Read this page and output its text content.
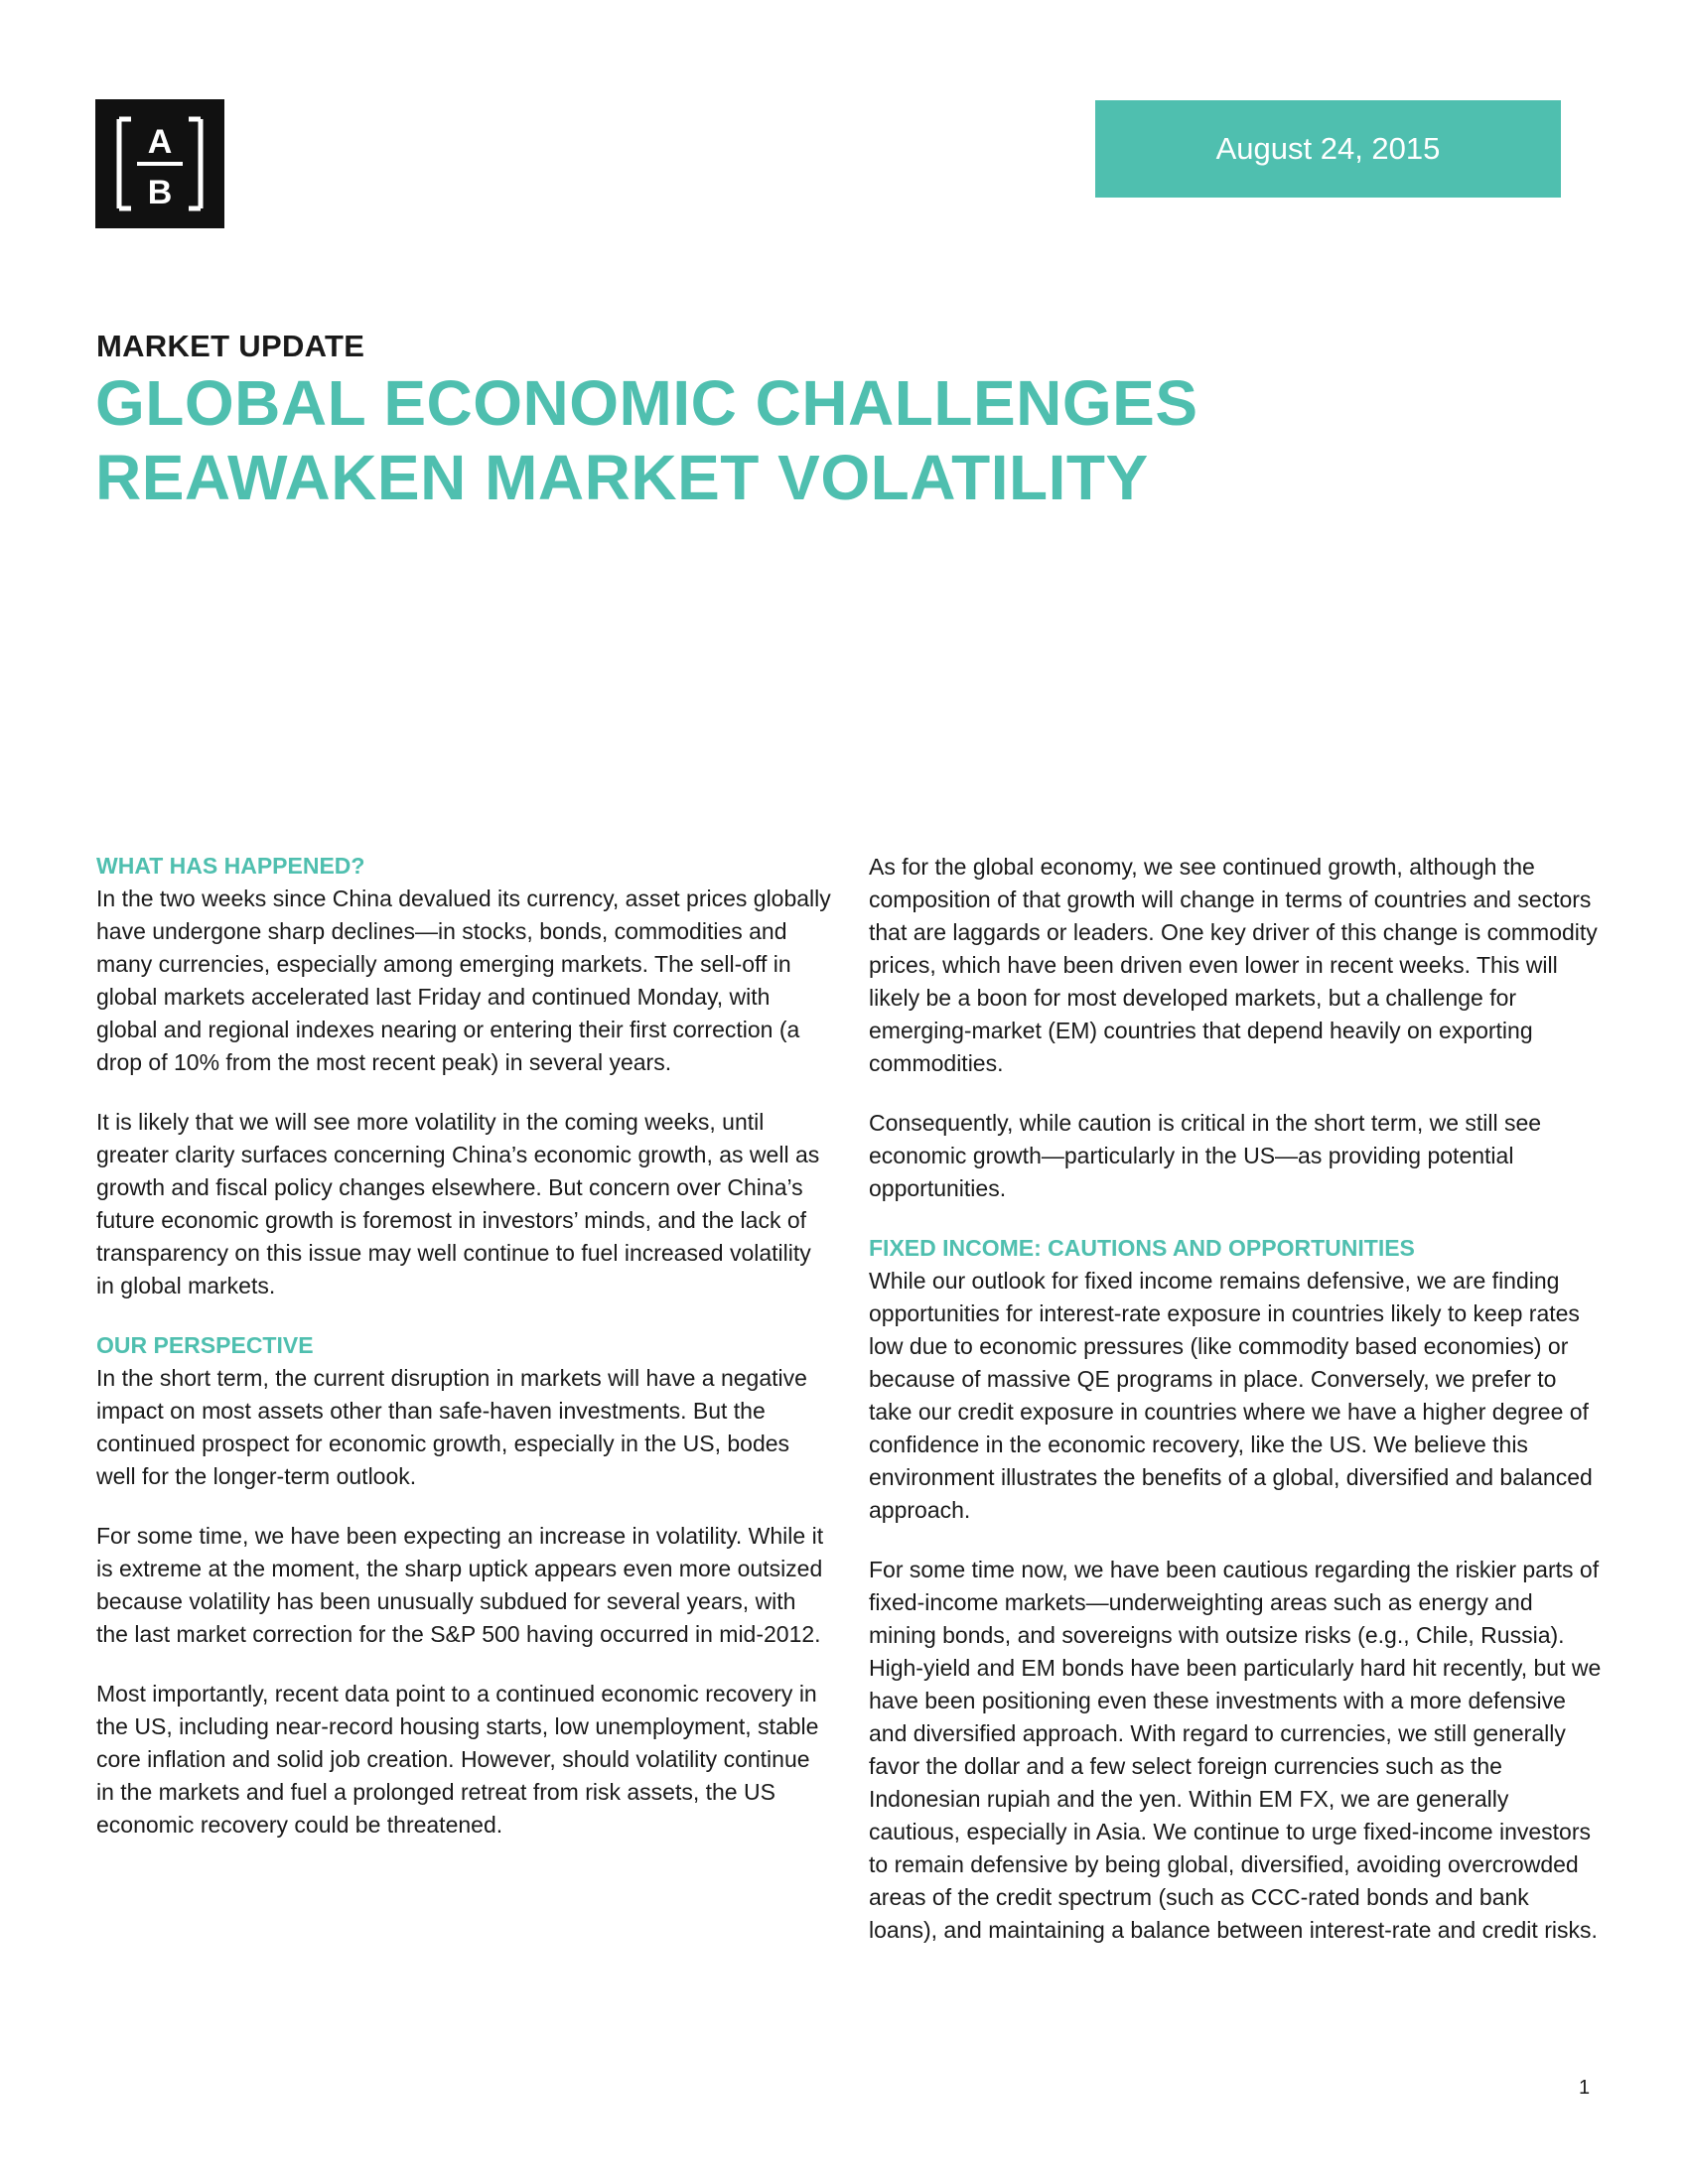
A
B
August 24, 2015
MARKET UPDATE
GLOBAL ECONOMIC CHALLENGES
REAWAKEN MARKET VOLATILITY
WHAT HAS HAPPENED?

In the two weeks since China devalued its currency, asset prices globally have undergone sharp declines—in stocks, bonds, commodities and many currencies, especially among emerging markets. The sell-off in global markets accelerated last Friday and continued Monday, with global and regional indexes nearing or entering their first correction (a drop of 10% from the most recent peak) in several years.

It is likely that we will see more volatility in the coming weeks, until greater clarity surfaces concerning China’s economic growth, as well as growth and fiscal policy changes elsewhere. But concern over China’s future economic growth is foremost in investors’ minds, and the lack of transparency on this issue may well continue to fuel increased volatility in global markets.

OUR PERSPECTIVE

In the short term, the current disruption in markets will have a negative impact on most assets other than safe-haven investments. But the continued prospect for economic growth, especially in the US, bodes well for the longer-term outlook.

For some time, we have been expecting an increase in volatility. While it is extreme at the moment, the sharp uptick appears even more outsized because volatility has been unusually subdued for several years, with the last market correction for the S&P 500 having occurred in mid-2012.

Most importantly, recent data point to a continued economic recovery in the US, including near-record housing starts, low unemployment, stable core inflation and solid job creation. However, should volatility continue in the markets and fuel a prolonged retreat from risk assets, the US economic recovery could be threatened.

As for the global economy, we see continued growth, although the composition of that growth will change in terms of countries and sectors that are laggards or leaders. One key driver of this change is commodity prices, which have been driven even lower in recent weeks. This will likely be a boon for most developed markets, but a challenge for emerging-market (EM) countries that depend heavily on exporting commodities.

Consequently, while caution is critical in the short term, we still see economic growth—particularly in the US—as providing potential opportunities.

FIXED INCOME: CAUTIONS AND OPPORTUNITIES

While our outlook for fixed income remains defensive, we are finding opportunities for interest-rate exposure in countries likely to keep rates low due to economic pressures (like commodity based economies) or because of massive QE programs in place. Conversely, we prefer to take our credit exposure in countries where we have a higher degree of confidence in the economic recovery, like the US. We believe this environment illustrates the benefits of a global, diversified and balanced approach.

For some time now, we have been cautious regarding the riskier parts of fixed-income markets—underweighting areas such as energy and mining bonds, and sovereigns with outsize risks (e.g., Chile, Russia). High-yield and EM bonds have been particularly hard hit recently, but we have been positioning even these investments with a more defensive and diversified approach. With regard to currencies, we still generally favor the dollar and a few select foreign currencies such as the Indonesian rupiah and the yen. Within EM FX, we are generally cautious, especially in Asia. We continue to urge fixed-income investors to remain defensive by being global, diversified, avoiding overcrowded areas of the credit spectrum (such as CCC-rated bonds and bank loans), and maintaining a balance between interest-rate and credit risks.

1
